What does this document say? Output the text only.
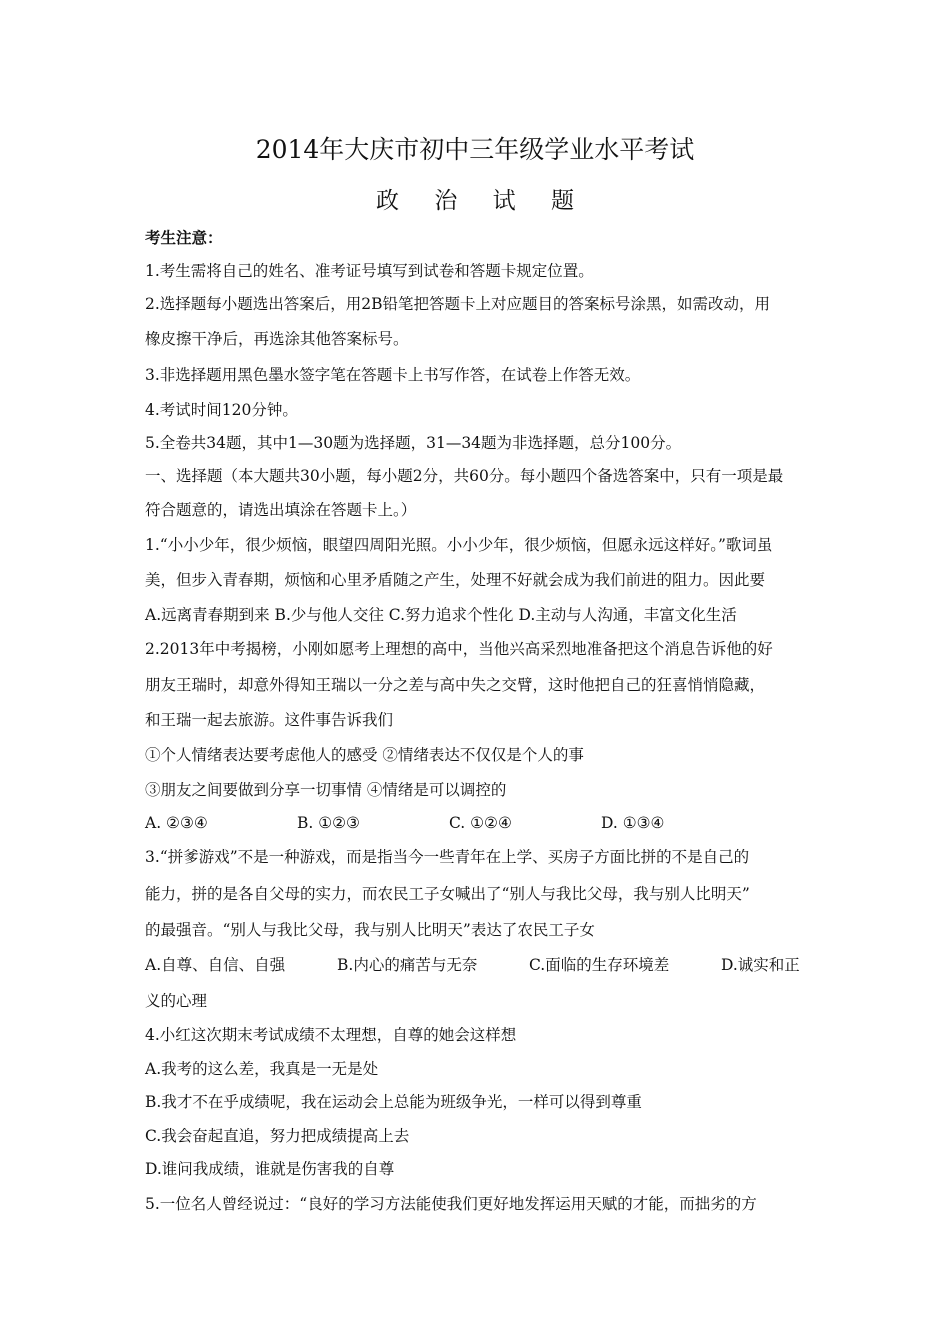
2014年大庆市初中三年级学业水平考试
政 治 试 题
考生注意：
1.考生需将自己的姓名、准考证号填写到试卷和答题卡规定位置。
2.选择题每小题选出答案后，用2B铅笔把答题卡上对应题目的答案标号涂黑，如需改动，用
橡皮擦干净后，再选涂其他答案标号。
3.非选择题用黑色墨水签字笔在答题卡上书写作答，在试卷上作答无效。
4.考试时间120分钟。
5.全卷共34题，其中1—30题为选择题，31—34题为非选择题，总分100分。
一、选择题（本大题共30小题，每小题2分，共60分。每小题四个备选答案中，只有一项是最
符合题意的，请选出填涂在答题卡上。）
1.“小小少年，很少烦恼，眼望四周阳光照。小小少年，很少烦恼，但愿永远这样好。”歌词虽
美，但步入青春期，烦恼和心里矛盾随之产生，处理不好就会成为我们前进的阻力。因此要
A.远离青春期到来 B.少与他人交往 C.努力追求个性化 D.主动与人沟通，丰富文化生活
2.2013年中考揭榜，小刚如愿考上理想的高中，当他兴高采烈地准备把这个消息告诉他的好
朋友王瑞时，却意外得知王瑞以一分之差与高中失之交臂，这时他把自己的狂喜悄悄隐藏，
和王瑞一起去旅游。这件事告诉我们
①个人情绪表达要考虑他人的感受 ②情绪表达不仅仅是个人的事
③朋友之间要做到分享一切事情 ④情绪是可以调控的
A. ②③④	B. ①②③	C. ①②④	D. ①③④
3.“拼爹游戏”不是一种游戏，而是指当今一些青年在上学、买房子方面比拼的不是自己的
能力，拼的是各自父母的实力，而农民工子女喊出了“别人与我比父母，我与别人比明天”
的最强音。“别人与我比父母，我与别人比明天”表达了农民工子女
A.自尊、自信、自强	B.内心的痛苦与无奈	C.面临的生存环境差	D.诚实和正
义的心理
4.小红这次期末考试成绩不太理想，自尊的她会这样想
A.我考的这么差，我真是一无是处
B.我才不在乎成绩呢，我在运动会上总能为班级争光，一样可以得到尊重
C.我会奋起直追，努力把成绩提高上去
D.谁问我成绩，谁就是伤害我的自尊
5.一位名人曾经说过：“良好的学习方法能使我们更好地发挥运用天赋的才能，而拙劣的方
